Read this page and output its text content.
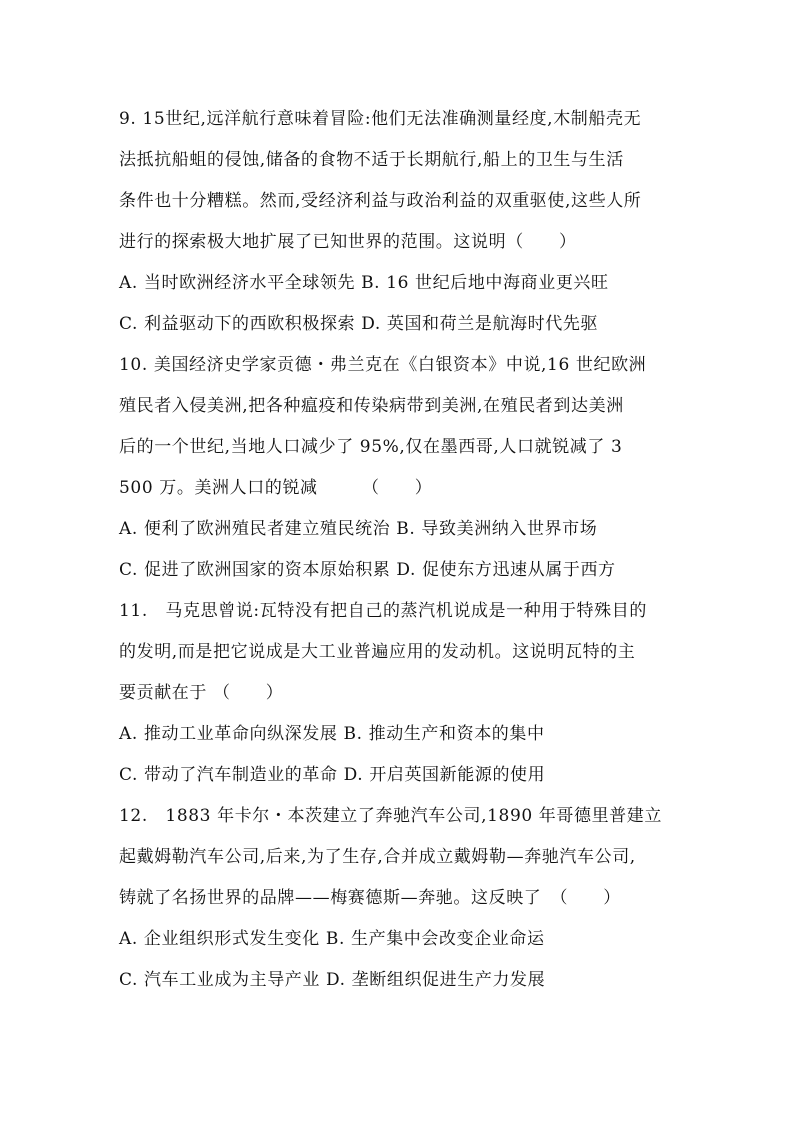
9. 15世纪,远洋航行意味着冒险:他们无法准确测量经度,木制船壳无
法抵抗船蛆的侵蚀,储备的食物不适于长期航行,船上的卫生与生活
条件也十分糟糕。然而,受经济利益与政治利益的双重驱使,这些人所
进行的探索极大地扩展了已知世界的范围。这说明（　　）
A. 当时欧洲经济水平全球领先 B. 16 世纪后地中海商业更兴旺
C. 利益驱动下的西欧积极探索 D. 英国和荷兰是航海时代先驱
10. 美国经济史学家贡德・弗兰克在《白银资本》中说,16 世纪欧洲
殖民者入侵美洲,把各种瘟疫和传染病带到美洲,在殖民者到达美洲
后的一个世纪,当地人口减少了 95%,仅在墨西哥,人口就锐减了 3
500 万。美洲人口的锐减　　　（　　）
A. 便利了欧洲殖民者建立殖民统治 B. 导致美洲纳入世界市场
C. 促进了欧洲国家的资本原始积累 D. 促使东方迅速从属于西方
11.　马克思曾说:瓦特没有把自己的蒸汽机说成是一种用于特殊目的
的发明,而是把它说成是大工业普遍应用的发动机。这说明瓦特的主
要贡献在于 （　　）
A. 推动工业革命向纵深发展 B. 推动生产和资本的集中
C. 带动了汽车制造业的革命 D. 开启英国新能源的使用
12.　1883 年卡尔・本茨建立了奔驰汽车公司,1890 年哥德里普建立
起戴姆勒汽车公司,后来,为了生存,合并成立戴姆勒—奔驰汽车公司,
铸就了名扬世界的品牌——梅赛德斯—奔驰。这反映了　（　　）
A. 企业组织形式发生变化 B. 生产集中会改变企业命运
C. 汽车工业成为主导产业 D. 垄断组织促进生产力发展
